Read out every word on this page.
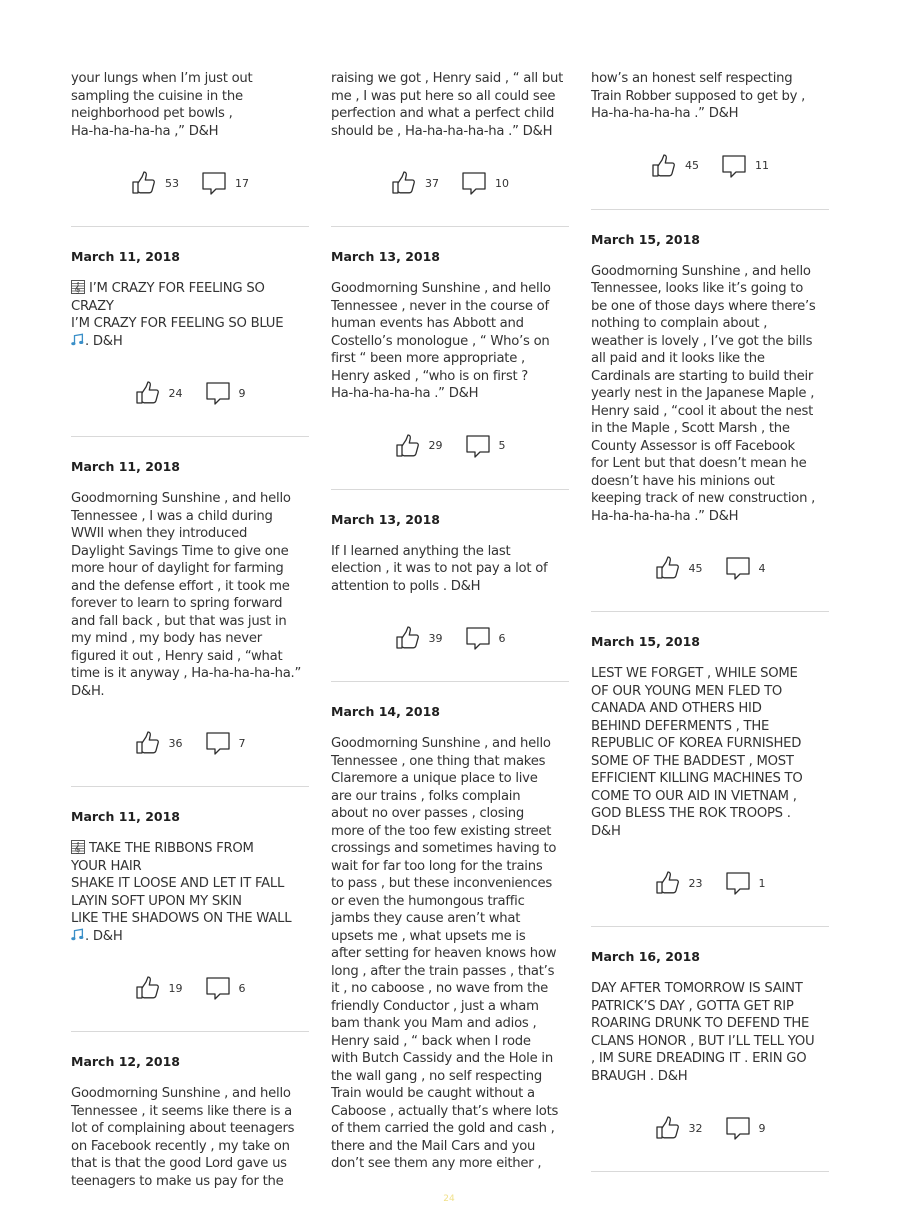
your lungs when I’m just out
sampling the cuisine in the
neighborhood pet bowls ,
Ha-ha-ha-ha-ha ,” D&H
53	17
March 11, 2018
𝄞 I’M CRAZY FOR FEELING SO
CRAZY
I’M CRAZY FOR FEELING SO BLUE
. D&H
24	9
March 11, 2018
Goodmorning Sunshine , and hello
Tennessee , I was a child during
WWII when they introduced
Daylight Savings Time to give one
more hour of daylight for farming
and the defense effort , it took me
forever to learn to spring forward
and fall back , but that was just in
my mind , my body has never
figured it out , Henry said , “what
time is it anyway , Ha-ha-ha-ha-ha.”
D&H.
36	7
March 11, 2018
𝄞 TAKE THE RIBBONS FROM
YOUR HAIR
SHAKE IT LOOSE AND LET IT FALL
LAYIN SOFT UPON MY SKIN
LIKE THE SHADOWS ON THE WALL
. D&H
19	6
March 12, 2018
Goodmorning Sunshine , and hello
Tennessee , it seems like there is a
lot of complaining about teenagers
on Facebook recently , my take on
that is that the good Lord gave us
teenagers to make us pay for the
raising we got , Henry said , “ all but
me , I was put here so all could see
perfection and what a perfect child
should be , Ha-ha-ha-ha-ha .” D&H
37	10
March 13, 2018
Goodmorning Sunshine , and hello
Tennessee , never in the course of
human events has Abbott and
Costello’s monologue , “ Who’s on
first “ been more appropriate ,
Henry asked , “who is on first ?
Ha-ha-ha-ha-ha .” D&H
29	5
March 13, 2018
If I learned anything the last
election , it was to not pay a lot of
attention to polls . D&H
39	6
March 14, 2018
Goodmorning Sunshine , and hello
Tennessee , one thing that makes
Claremore a unique place to live
are our trains , folks complain
about no over passes , closing
more of the too few existing street
crossings and sometimes having to
wait for far too long for the trains
to pass , but these inconveniences
or even the humongous traffic
jambs they cause aren’t what
upsets me , what upsets me is
after setting for heaven knows how
long , after the train passes , that’s
it , no caboose , no wave from the
friendly Conductor , just a wham
bam thank you Mam and adios ,
Henry said , “ back when I rode
with Butch Cassidy and the Hole in
the wall gang , no self respecting
Train would be caught without a
Caboose , actually that’s where lots
of them carried the gold and cash ,
there and the Mail Cars and you
don’t see them any more either ,
how’s an honest self respecting
Train Robber supposed to get by ,
Ha-ha-ha-ha-ha .” D&H
45	11
March 15, 2018
Goodmorning Sunshine , and hello
Tennessee, looks like it’s going to
be one of those days where there’s
nothing to complain about ,
weather is lovely , I’ve got the bills
all paid and it looks like the
Cardinals are starting to build their
yearly nest in the Japanese Maple ,
Henry said , “cool it about the nest
in the Maple , Scott Marsh , the
County Assessor is off Facebook
for Lent but that doesn’t mean he
doesn’t have his minions out
keeping track of new construction ,
Ha-ha-ha-ha-ha .” D&H
45	4
March 15, 2018
LEST WE FORGET , WHILE SOME
OF OUR YOUNG MEN FLED TO
CANADA AND OTHERS HID
BEHIND DEFERMENTS , THE
REPUBLIC OF KOREA FURNISHED
SOME OF THE BADDEST , MOST
EFFICIENT KILLING MACHINES TO
COME TO OUR AID IN VIETNAM ,
GOD BLESS THE ROK TROOPS .
D&H
23	1
March 16, 2018
DAY AFTER TOMORROW IS SAINT
PATRICK’S DAY , GOTTA GET RIP
ROARING DRUNK TO DEFEND THE
CLANS HONOR , BUT I’LL TELL YOU
, IM SURE DREADING IT . ERIN GO
BRAUGH . D&H
32	9
24
